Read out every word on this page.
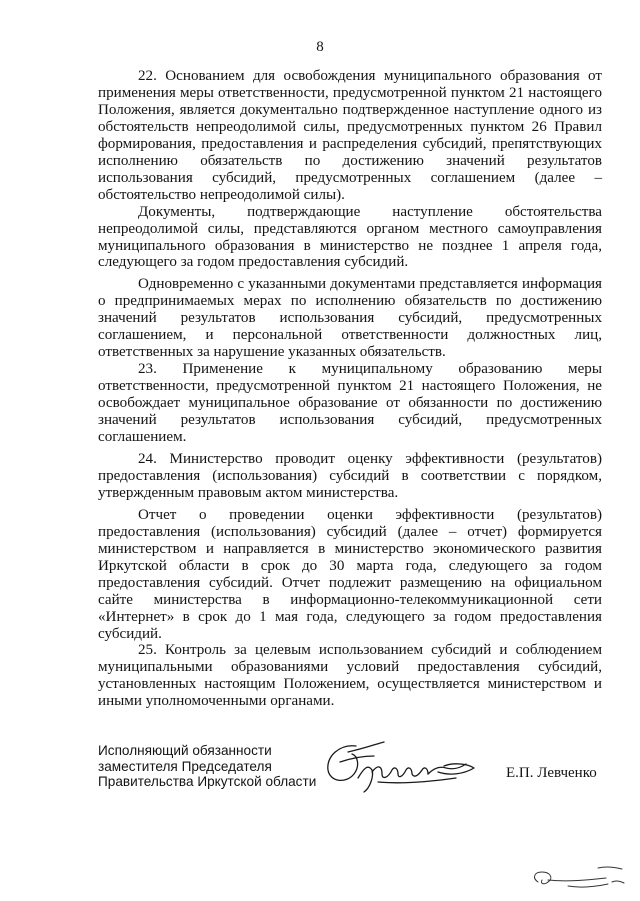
8

22. Основанием для освобождения муниципального образования от применения меры ответственности, предусмотренной пунктом 21 настоящего Положения, является документально подтвержденное наступление одного из обстоятельств непреодолимой силы, предусмотренных пунктом 26 Правил формирования, предоставления и распределения субсидий, препятствующих исполнению обязательств по достижению значений результатов использования субсидий, предусмотренных соглашением (далее – обстоятельство непреодолимой силы).

Документы, подтверждающие наступление обстоятельства непреодолимой силы, представляются органом местного самоуправления муниципального образования в министерство не позднее 1 апреля года, следующего за годом предоставления субсидий.

Одновременно с указанными документами представляется информация о предпринимаемых мерах по исполнению обязательств по достижению значений результатов использования субсидий, предусмотренных соглашением, и персональной ответственности должностных лиц, ответственных за нарушение указанных обязательств.

23. Применение к муниципальному образованию меры ответственности, предусмотренной пунктом 21 настоящего Положения, не освобождает муниципальное образование от обязанности по достижению значений результатов использования субсидий, предусмотренных соглашением.

24. Министерство проводит оценку эффективности (результатов) предоставления (использования) субсидий в соответствии с порядком, утвержденным правовым актом министерства.

Отчет о проведении оценки эффективности (результатов) предоставления (использования) субсидий (далее – отчет) формируется министерством и направляется в министерство экономического развития Иркутской области в срок до 30 марта года, следующего за годом предоставления субсидий. Отчет подлежит размещению на официальном сайте министерства в информационно-телекоммуникационной сети «Интернет» в срок до 1 мая года, следующего за годом предоставления субсидий.

25. Контроль за целевым использованием субсидий и соблюдением муниципальными образованиями условий предоставления субсидий, установленных настоящим Положением, осуществляется министерством и иными уполномоченными органами.

Исполняющий обязанности
заместителя Председателя
Правительства Иркутской области
Е.П. Левченко
